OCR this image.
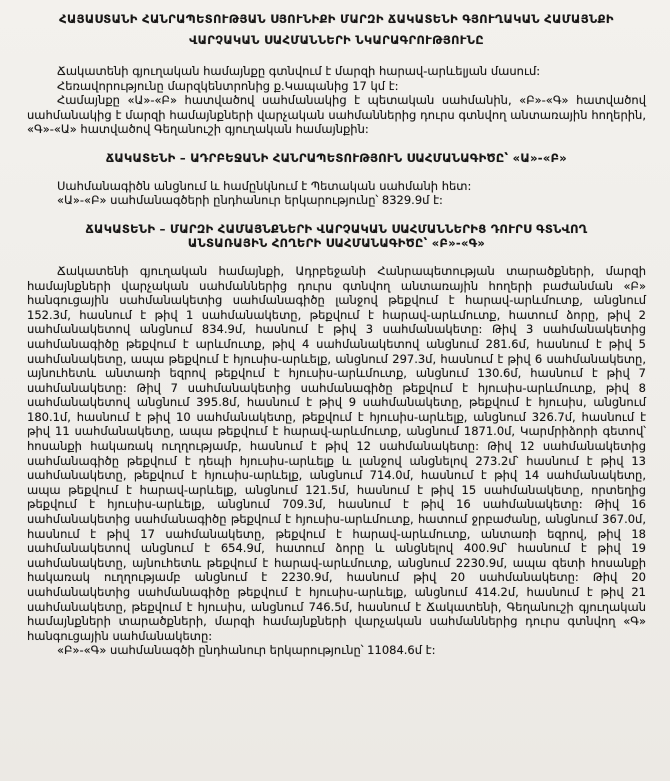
ՀԱՅԱՍՏԱՆԻ ՀԱՆՐԱՊԵՏՈՒԹՅԱՆ ՍՅՈՒՆԻՔԻ ՄԱՐԶԻ ՃԱԿԱՏԵՆԻ ԳՅՈՒՂԱԿԱՆ ՀԱՄԱՅՆՔԻ
ՎԱՐՉԱԿԱՆ ՍԱՀՄԱՆՆԵՐԻ ՆԿԱՐԱԳՐՈՒԹՅՈՒՆԸ

Ճակատենի գյուղական համայնքը գտնվում է մարզի հարավ-արևելյան մասում:

Հեռավորությունը մարզկենտրոնից ք.Կապանից 17 կմ է:

Համայնքը «Ա»-«Բ» հատվածով սահմանակից է պետական սահմանին, «Բ»-«Գ» հատվածով սահմանակից է մարզի համայնքների վարչական սահմաններից դուրս գտնվող անտառային հողերին, «Գ»-«Ա» հատվածով Գեղանուշի գյուղական համայնքին:

ՃԱԿԱՏԵՆԻ – ԱԴՐԲԵՋԱՆԻ ՀԱՆՐԱՊԵՏՈՒԹՅՈՒՆ ՍԱՀՄԱՆԱԳԻԾԸ՝ «Ա»-«Բ»

Սահմանագիծն անցնում և համընկնում է Պետական սահմանի հետ:

«Ա»-«Բ» սահմանագծերի ընդհանուր երկարությունը՝ 8329.9մ է:

ՃԱԿԱՏԵՆԻ – ՄԱՐԶԻ ՀԱՄԱՅՆՔՆԵՐԻ ՎԱՐՉԱԿԱՆ ՍԱՀՄԱՆՆԵՐԻՑ ԴՈՒՐՍ ԳՏՆՎՈՂ
ԱՆՏԱՌԱՅԻՆ ՀՈՂԵՐԻ ՍԱՀՄԱՆԱԳԻԾԸ՝ «Բ»-«Գ»

Ճակատենի գյուղական համայնքի, Ադրբեջանի Հանրապետության տարածքների, մարզի համայնքների վարչական սահմաններից դուրս գտնվող անտառային հողերի բաժանման «Բ» հանգուցային սահմանակետից սահմանագիծը լանջով թեքվում է հարավ-արևմուտք, անցնում 152.3մ, հասնում է թիվ 1 սահմանակետը, թեքվում է հարավ-արևմուտք, հատում ձորը, թիվ 2 սահմանակետով անցնում 834.9մ, հասնում է թիվ 3 սահմանակետը: Թիվ 3 սահմանակետից սահմանագիծը թեքվում է արևմուտք, թիվ 4 սահմանակետով անցնում 281.6մ, հասնում է թիվ 5 սահմանակետը, ապա թեքվում է հյուսիս-արևելք, անցնում 297.3մ, հասնում է թիվ 6 սահմանակետը, այնուհետև անտառի եզրով թեքվում է հյուսիս-արևմուտք, անցնում 130.6մ, հասնում է թիվ 7 սահմանակետը: Թիվ 7 սահմանակետից սահմանագիծը թեքվում է հյուսիս-արևմուտք, թիվ 8 սահմանակետով անցնում 395.8մ, հասնում է թիվ 9 սահմանակետը, թեքվում է հյուսիս, անցնում 180.1մ, հասնում է թիվ 10 սահմանակետը, թեքվում է հյուսիս-արևելք, անցնում 326.7մ, հասնում է թիվ 11 սահմանակետը, ապա թեքվում է հարավ-արևմուտք, անցնում 1871.0մ, Կարմրիձորի գետով՝ հոսանքի հակառակ ուղղությամբ, հասնում է թիվ 12 սահմանակետը: Թիվ 12 սահմանակետից սահմանագիծը թեքվում է դեպի հյուսիս-արևելք և լանջով անցնելով 273.2մ՝ հասնում է թիվ 13 սահմանակետը, թեքվում է հյուսիս-արևելք, անցնում 714.0մ, հասնում է թիվ 14 սահմանակետը, ապա թեքվում է հարավ-արևելք, անցնում 121.5մ, հասնում է թիվ 15 սահմանակետը, որտեղից թեքվում է հյուսիս-արևելք, անցնում 709.3մ, հասնում է թիվ 16 սահմանակետը: Թիվ 16 սահմանակետից սահմանագիծը թեքվում է հյուսիս-արևմուտք, հատում ջրբաժանը, անցնում 367.0մ, հասնում է թիվ 17 սահմանակետը, թեքվում է հարավ-արևմուտք, անտառի եզրով, թիվ 18 սահմանակետով անցնում է 654.9մ, հատում ձորը և անցնելով 400.9մ՝ հասնում է թիվ 19 սահմանակետը, այնուհետև թեքվում է հարավ-արևմուտք, անցնում 2230.9մ, ապա գետի հոսանքի հակառակ ուղղությամբ անցնում է 2230.9մ, հասնում թիվ 20 սահմանակետը: Թիվ 20 սահմանակետից սահմանագիծը թեքվում է հյուսիս-արևելք, անցնում 414.2մ, հասնում է թիվ 21 սահմանակետը, թեքվում է հյուսիս, անցնում 746.5մ, հասնում է Ճակատենի, Գեղանուշի գյուղական համայնքների տարածքների, մարզի համայնքների վարչական սահմաններից դուրս գտնվող «Գ» հանգուցային սահմանակետը:

«Բ»-«Գ» սահմանագծի ընդհանուր երկարությունը՝ 11084.6մ է:
